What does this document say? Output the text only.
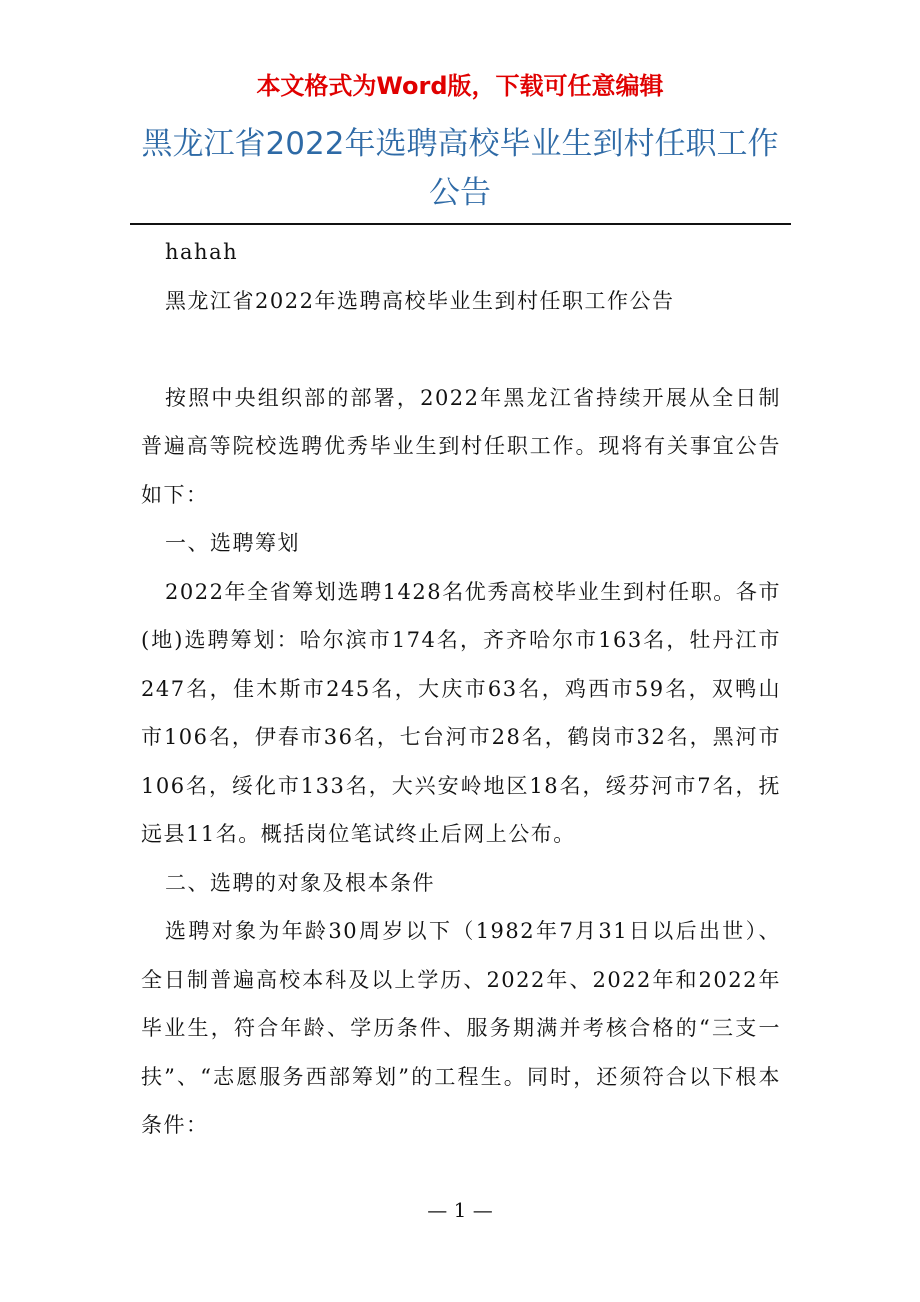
本文格式为Word版，下载可任意编辑
黑龙江省2022年选聘高校毕业生到村任职工作公告

hahah

黑龙江省2022年选聘高校毕业生到村任职工作公告

按照中央组织部的部署，2022年黑龙江省持续开展从全日制普遍高等院校选聘优秀毕业生到村任职工作。现将有关事宜公告如下：

一、选聘筹划

2022年全省筹划选聘1428名优秀高校毕业生到村任职。各市(地)选聘筹划：哈尔滨市174名，齐齐哈尔市163名，牡丹江市247名，佳木斯市245名，大庆市63名，鸡西市59名，双鸭山市106名，伊春市36名，七台河市28名，鹤岗市32名，黑河市106名，绥化市133名，大兴安岭地区18名，绥芬河市7名，抚远县11名。概括岗位笔试终止后网上公布。

二、选聘的对象及根本条件

选聘对象为年龄30周岁以下（1982年7月31日以后出世）、全日制普遍高校本科及以上学历、2022年、2022年和2022年毕业生，符合年龄、学历条件、服务期满并考核合格的“三支一扶”、“志愿服务西部筹划”的工程生。同时，还须符合以下根本条件：

— 1 —
